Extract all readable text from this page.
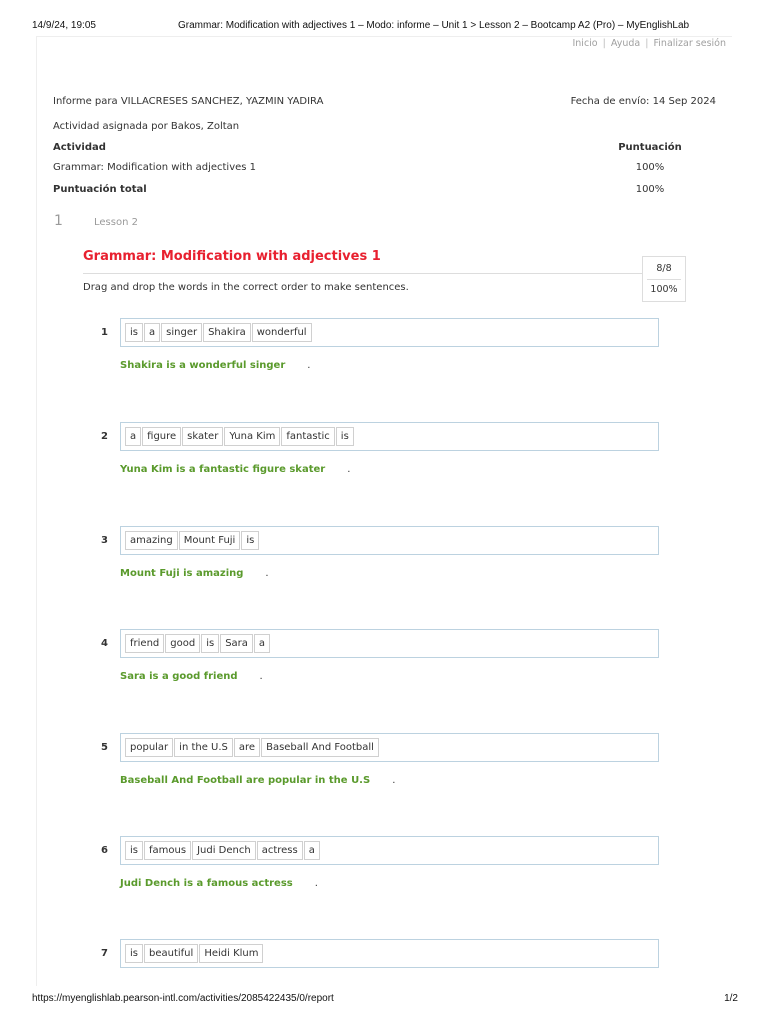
14/9/24, 19:05	Grammar: Modification with adjectives 1 – Modo: informe – Unit 1 > Lesson 2 – Bootcamp A2 (Pro) – MyEnglishLab
Inicio | Ayuda | Finalizar sesión
Informe para VILLACRESES SANCHEZ, YAZMIN YADIRA	Fecha de envío: 14 Sep 2024
Actividad asignada por Bakos, Zoltan
Actividad	Puntuación
Grammar: Modification with adjectives 1	100%
Puntuación total	100%
1	Lesson 2
Grammar: Modification with adjectives 1
Drag and drop the words in the correct order to make sentences.
8/8
100%
1	is a singer Shakira wonderful
Shakira is a wonderful singer .
2	a figure skater Yuna Kim fantastic is
Yuna Kim is a fantastic figure skater .
3	amazing Mount Fuji is
Mount Fuji is amazing .
4	friend good is Sara a
Sara is a good friend .
5	popular in the U.S are Baseball And Football
Baseball And Football are popular in the U.S .
6	is famous Judi Dench actress a
Judi Dench is a famous actress .
7	is beautiful Heidi Klum
https://myenglishlab.pearson-intl.com/activities/2085422435/0/report	1/2
